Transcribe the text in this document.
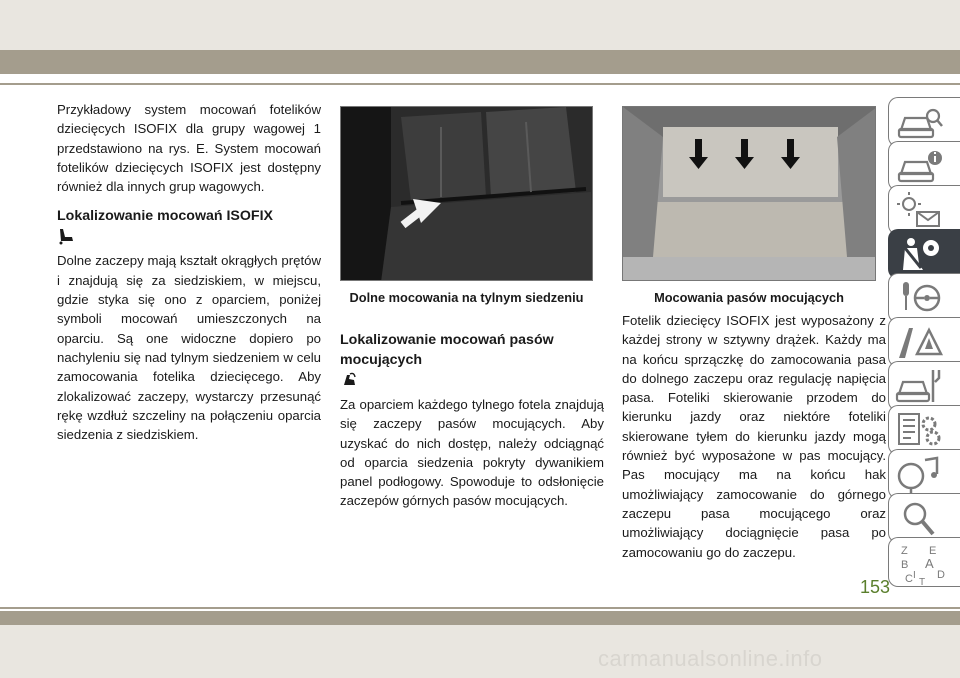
Przykładowy system mocowań fotelików dziecięcych ISOFIX dla grupy wagowej 1 przedstawiono na rys. E. System mocowań fotelików dziecięcych ISOFIX jest dostępny również dla innych grup wagowych.
Lokalizowanie mocowań ISOFIX
Dolne zaczepy mają kształt okrągłych prętów i znajdują się za siedziskiem, w miejscu, gdzie styka się ono z oparciem, poniżej symboli mocowań umieszczonych na oparciu. Są one widoczne dopiero po nachyleniu się nad tylnym siedzeniem w celu zamocowania fotelika dziecięcego. Aby zlokalizować zaczepy, wystarczy przesunąć rękę wzdłuż szczeliny na połączeniu oparcia siedzenia z siedziskiem.
Dolne mocowania na tylnym siedzeniu
Lokalizowanie mocowań pasów mocujących
Za oparciem każdego tylnego fotela znajdują się zaczepy pasów mocujących. Aby uzyskać do nich dostęp, należy odciągnąć od oparcia siedzenia pokryty dywanikiem panel podłogowy. Spowoduje to odsłonięcie zaczepów górnych pasów mocujących.
Mocowania pasów mocujących
Fotelik dziecięcy ISOFIX jest wyposażony z każdej strony w sztywny drążek. Każdy ma na końcu sprzączkę do zamocowania pasa do dolnego zaczepu oraz regulację napięcia pasa. Foteliki skierowanie przodem do kierunku jazdy oraz niektóre foteliki skierowane tyłem do kierunku jazdy mogą również być wyposażone w pas mocujący. Pas mocujący ma na końcu hak umożliwiający zamocowanie do górnego zaczepu pasa mocującego oraz umożliwiający dociągnięcie pasa po zamocowaniu go do zaczepu.	Z E
B A
C D
I
T
153
carmanualsonline.info
